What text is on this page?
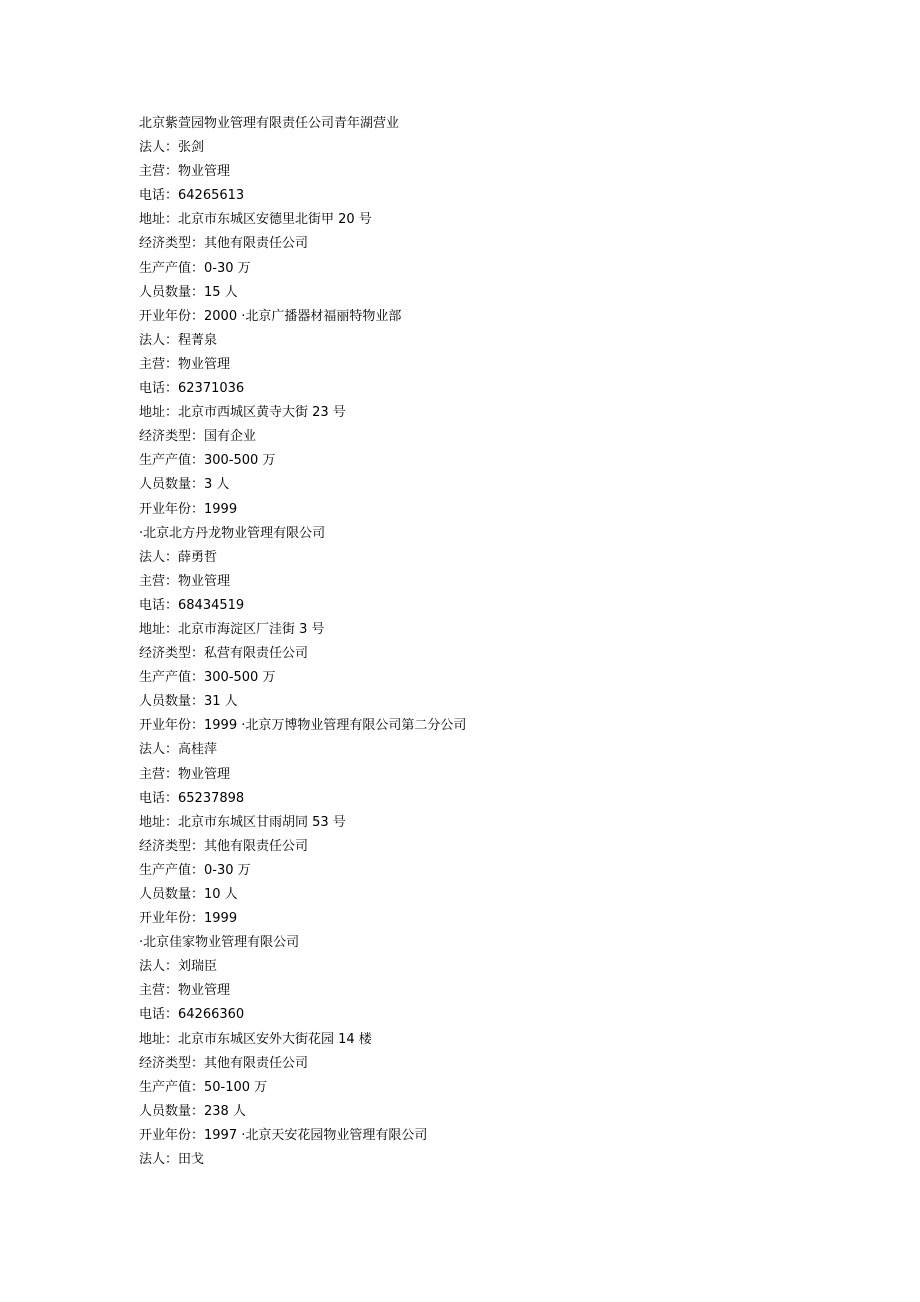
北京紫萱园物业管理有限责任公司青年湖营业
法人：张剑
主营：物业管理
电话：64265613
地址：北京市东城区安德里北街甲 20 号
经济类型：其他有限责任公司
生产产值：0-30 万
人员数量：15 人
开业年份：2000 ·北京广播器材福丽特物业部
法人：程菁泉
主营：物业管理
电话：62371036
地址：北京市西城区黄寺大街 23 号
经济类型：国有企业
生产产值：300-500 万
人员数量：3 人
开业年份：1999
·北京北方丹龙物业管理有限公司
法人：薛勇哲
主营：物业管理
电话：68434519
地址：北京市海淀区厂洼街 3 号
经济类型：私营有限责任公司
生产产值：300-500 万
人员数量：31 人
开业年份：1999 ·北京万博物业管理有限公司第二分公司
法人：高桂萍
主营：物业管理
电话：65237898
地址：北京市东城区甘雨胡同 53 号
经济类型：其他有限责任公司
生产产值：0-30 万
人员数量：10 人
开业年份：1999
·北京佳家物业管理有限公司
法人：刘瑞臣
主营：物业管理
电话：64266360
地址：北京市东城区安外大街花园 14 楼
经济类型：其他有限责任公司
生产产值：50-100 万
人员数量：238 人
开业年份：1997 ·北京天安花园物业管理有限公司
法人：田戈
